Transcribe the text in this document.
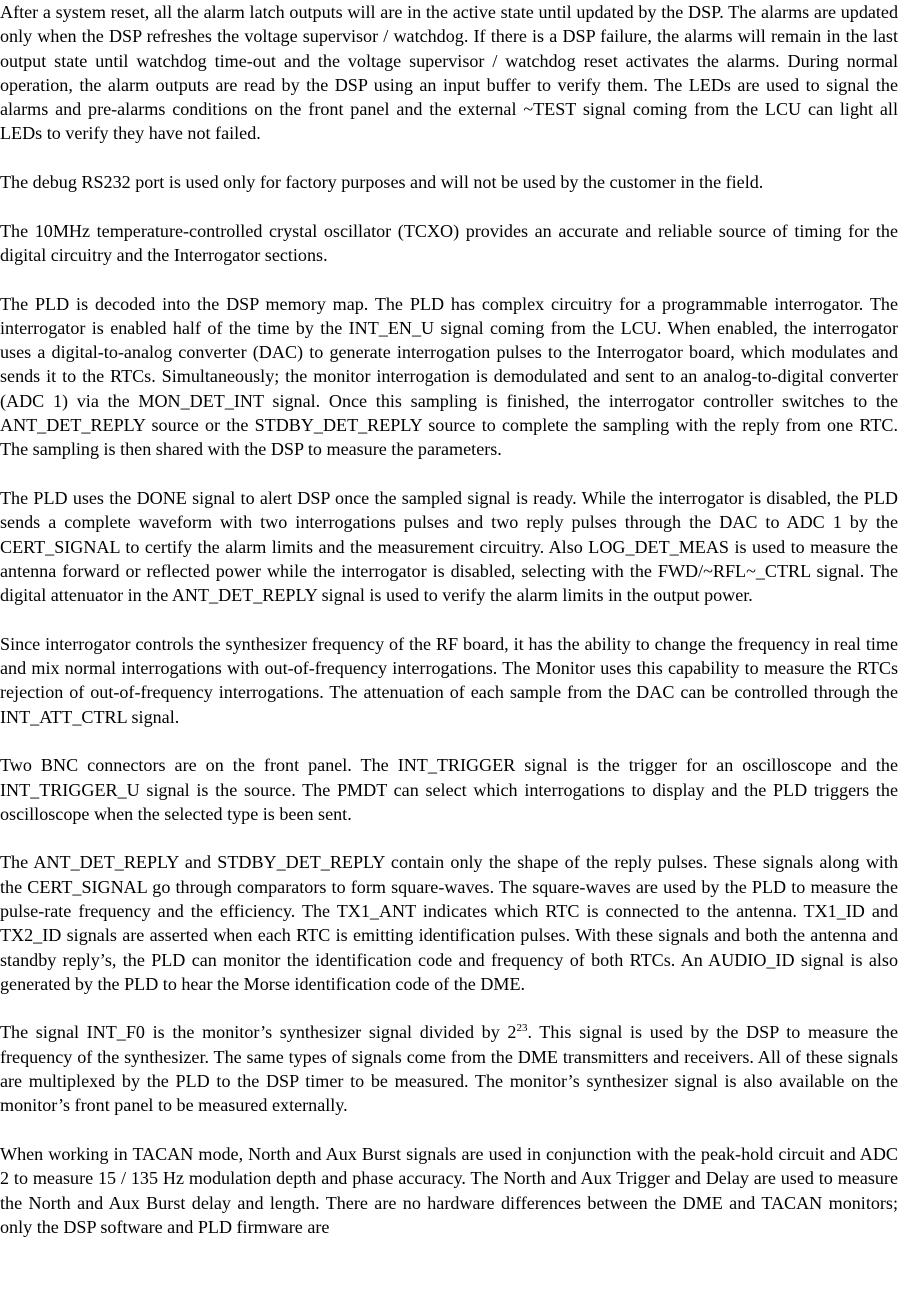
After a system reset, all the alarm latch outputs will are in the active state until updated by the DSP. The alarms are updated only when the DSP refreshes the voltage supervisor / watchdog. If there is a DSP failure, the alarms will remain in the last output state until watchdog time-out and the voltage supervisor / watchdog reset activates the alarms. During normal operation, the alarm outputs are read by the DSP using an input buffer to verify them. The LEDs are used to signal the alarms and pre-alarms conditions on the front panel and the external ~TEST signal coming from the LCU can light all LEDs to verify they have not failed.

The debug RS232 port is used only for factory purposes and will not be used by the customer in the field.

The 10MHz temperature-controlled crystal oscillator (TCXO) provides an accurate and reliable source of timing for the digital circuitry and the Interrogator sections.

The PLD is decoded into the DSP memory map. The PLD has complex circuitry for a programmable interrogator. The interrogator is enabled half of the time by the INT_EN_U signal coming from the LCU. When enabled, the interrogator uses a digital-to-analog converter (DAC) to generate interrogation pulses to the Interrogator board, which modulates and sends it to the RTCs. Simultaneously; the monitor interrogation is demodulated and sent to an analog-to-digital converter (ADC 1) via the MON_DET_INT signal. Once this sampling is finished, the interrogator controller switches to the ANT_DET_REPLY source or the STDBY_DET_REPLY source to complete the sampling with the reply from one RTC. The sampling is then shared with the DSP to measure the parameters.

The PLD uses the DONE signal to alert DSP once the sampled signal is ready. While the interrogator is disabled, the PLD sends a complete waveform with two interrogations pulses and two reply pulses through the DAC to ADC 1 by the CERT_SIGNAL to certify the alarm limits and the measurement circuitry. Also LOG_DET_MEAS is used to measure the antenna forward or reflected power while the interrogator is disabled, selecting with the FWD/~RFL~_CTRL signal. The digital attenuator in the ANT_DET_REPLY signal is used to verify the alarm limits in the output power.

Since interrogator controls the synthesizer frequency of the RF board, it has the ability to change the frequency in real time and mix normal interrogations with out-of-frequency interrogations. The Monitor uses this capability to measure the RTCs rejection of out-of-frequency interrogations. The attenuation of each sample from the DAC can be controlled through the INT_ATT_CTRL signal.

Two BNC connectors are on the front panel. The INT_TRIGGER signal is the trigger for an oscilloscope and the INT_TRIGGER_U signal is the source. The PMDT can select which interrogations to display and the PLD triggers the oscilloscope when the selected type is been sent.

The ANT_DET_REPLY and STDBY_DET_REPLY contain only the shape of the reply pulses. These signals along with the CERT_SIGNAL go through comparators to form square-waves. The square-waves are used by the PLD to measure the pulse-rate frequency and the efficiency. The TX1_ANT indicates which RTC is connected to the antenna. TX1_ID and TX2_ID signals are asserted when each RTC is emitting identification pulses. With these signals and both the antenna and standby reply’s, the PLD can monitor the identification code and frequency of both RTCs. An AUDIO_ID signal is also generated by the PLD to hear the Morse identification code of the DME.

The signal INT_F0 is the monitor’s synthesizer signal divided by $2^{23}$. This signal is used by the DSP to measure the frequency of the synthesizer. The same types of signals come from the DME transmitters and receivers. All of these signals are multiplexed by the PLD to the DSP timer to be measured. The monitor’s synthesizer signal is also available on the monitor’s front panel to be measured externally.

When working in TACAN mode, North and Aux Burst signals are used in conjunction with the peak-hold circuit and ADC 2 to measure 15 / 135 Hz modulation depth and phase accuracy. The North and Aux Trigger and Delay are used to measure the North and Aux Burst delay and length. There are no hardware differences between the DME and TACAN monitors; only the DSP software and PLD firmware are
